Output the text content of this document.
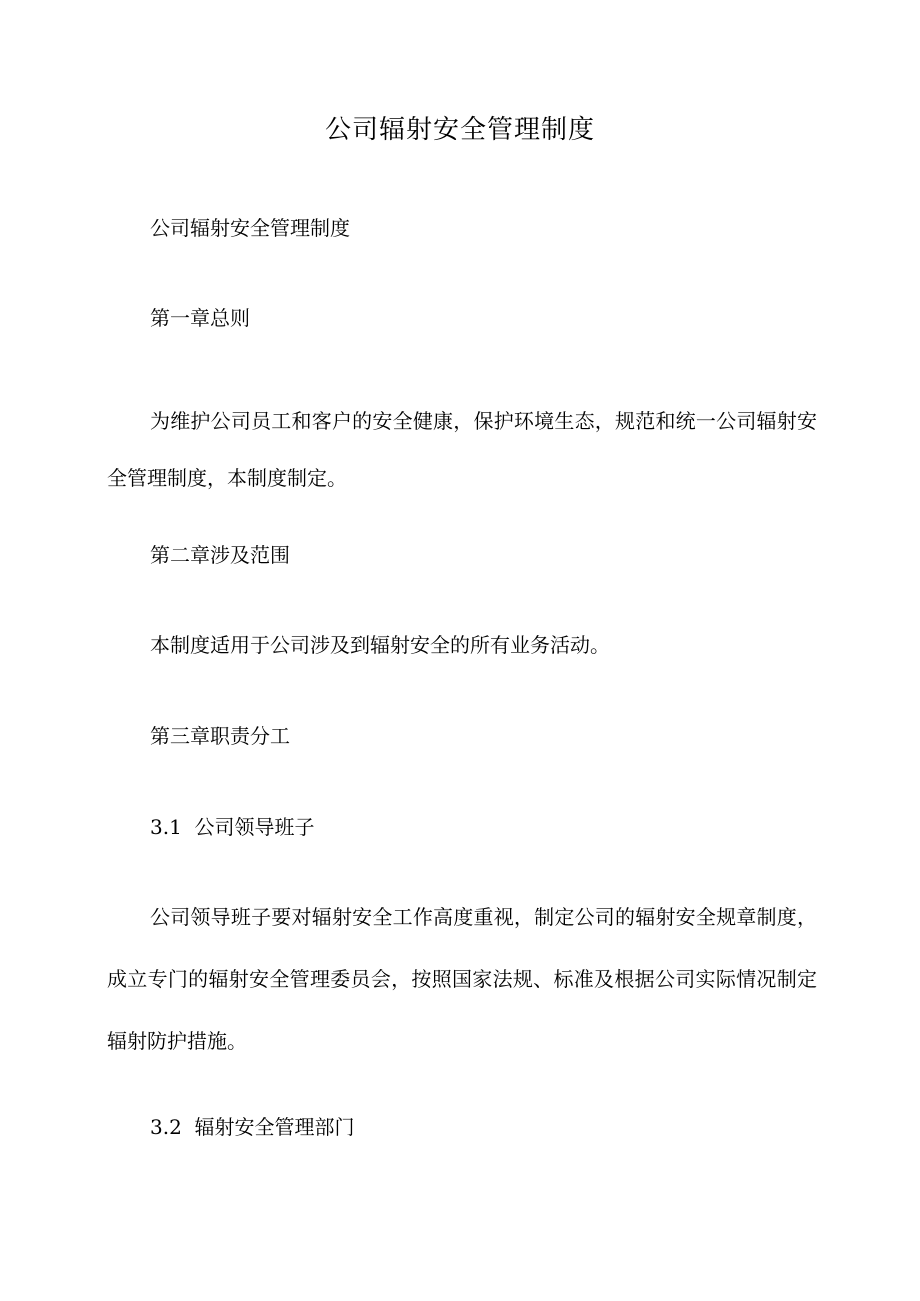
公司辐射安全管理制度

公司辐射安全管理制度

第一章总则

为维护公司员工和客户的安全健康，保护环境生态，规范和统一公司辐射安全管理制度，本制度制定。

第二章涉及范围

本制度适用于公司涉及到辐射安全的所有业务活动。

第三章职责分工

3.1  公司领导班子

公司领导班子要对辐射安全工作高度重视，制定公司的辐射安全规章制度，成立专门的辐射安全管理委员会，按照国家法规、标准及根据公司实际情况制定辐射防护措施。

3.2  辐射安全管理部门
